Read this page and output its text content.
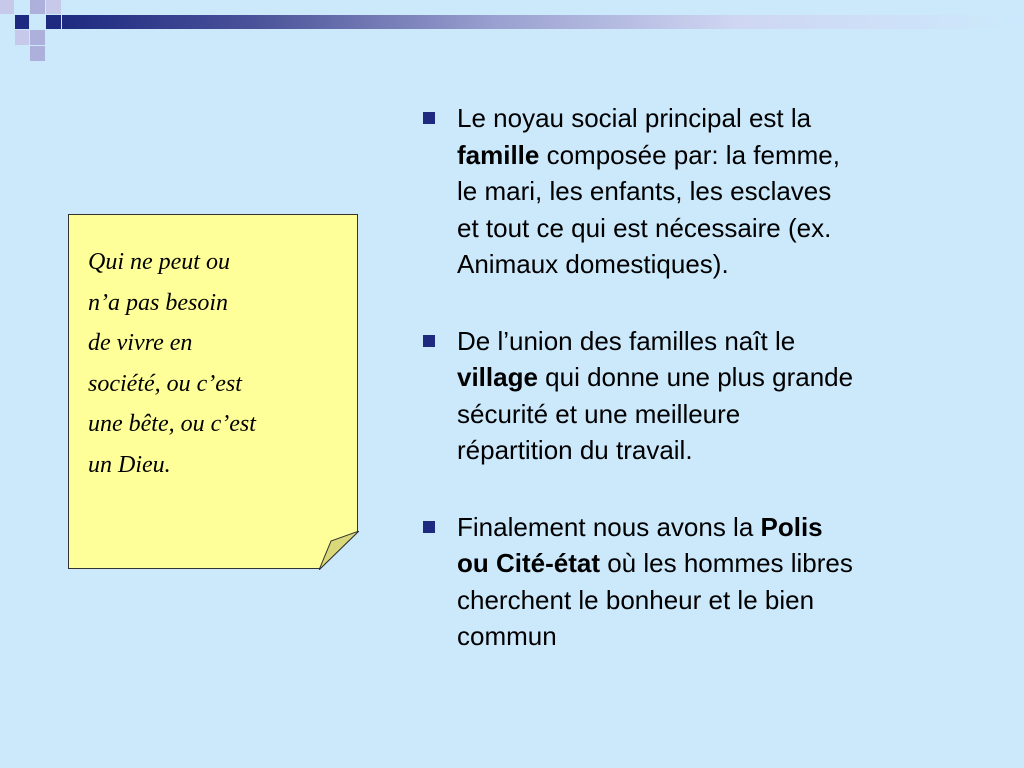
Qui ne peut ou
n’a pas besoin
de vivre en
société, ou c’est
une bête, ou c’est
un Dieu.

Le noyau social principal est la
famille composée par: la femme,
le mari, les enfants, les esclaves
et tout ce qui est nécessaire (ex.
Animaux domestiques).
De l’union des familles naît le
village qui donne une plus grande
sécurité et une meilleure
répartition du travail.
Finalement nous avons la Polis
ou Cité-état où les hommes libres
cherchent le bonheur et le bien
commun
